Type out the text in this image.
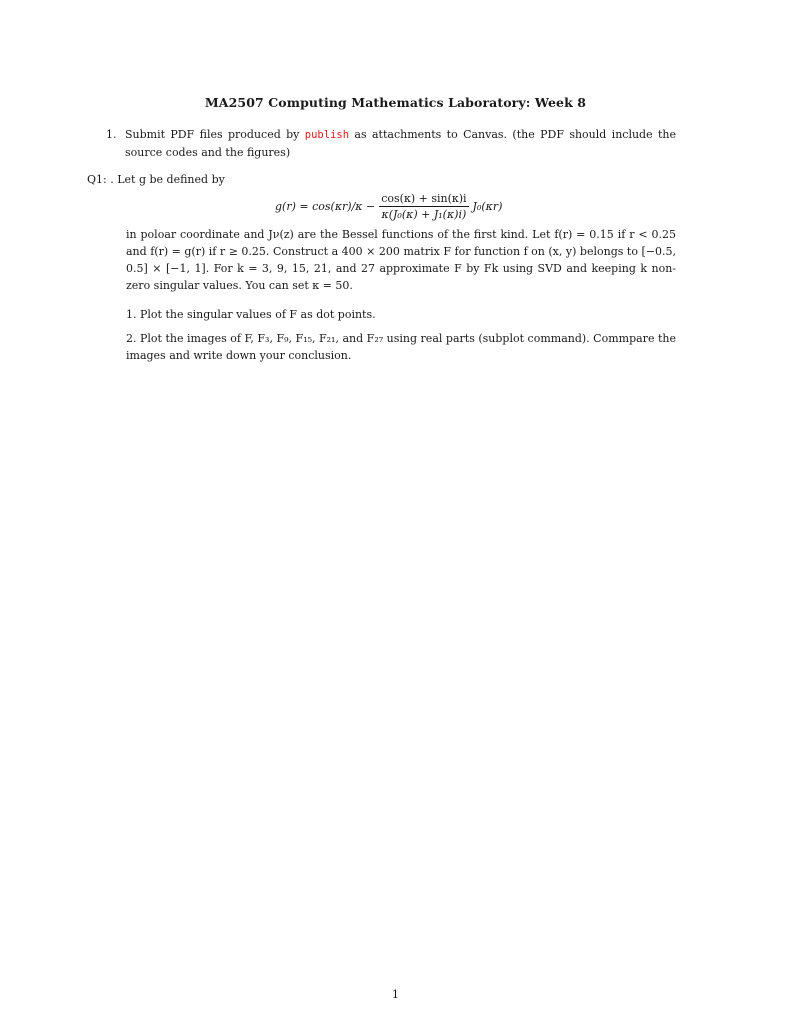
MA2507 Computing Mathematics Laboratory: Week 8
1. Submit PDF files produced by publish as attachments to Canvas. (the PDF should include the source codes and the figures)
Q1: . Let g be defined by
$g(r) = \cos(\kappa r)/\kappa - \frac{\cos(\kappa) + \sin(\kappa)i}{\text{κ(J₀(κ) + J₁(κ)i)}} J_0(\kappa r)$

in poloar coordinate and Jν(z) are the Bessel functions of the first kind. Let f(r) = 0.15 if r < 0.25 and f(r) = g(r) if r ≥ 0.25. Construct a 400 × 200 matrix F for function f on (x, y) belongs to [−0.5, 0.5] × [−1, 1]. For k = 3, 9, 15, 21, and 27 approximate F by Fk using SVD and keeping k non-zero singular values. You can set κ = 50.

1. Plot the singular values of F as dot points.
2. Plot the images of F, F₃, F₉, F₁₅, F₂₁, and F₂₇ using real parts (subplot command). Commpare the images and write down your conclusion.
1
